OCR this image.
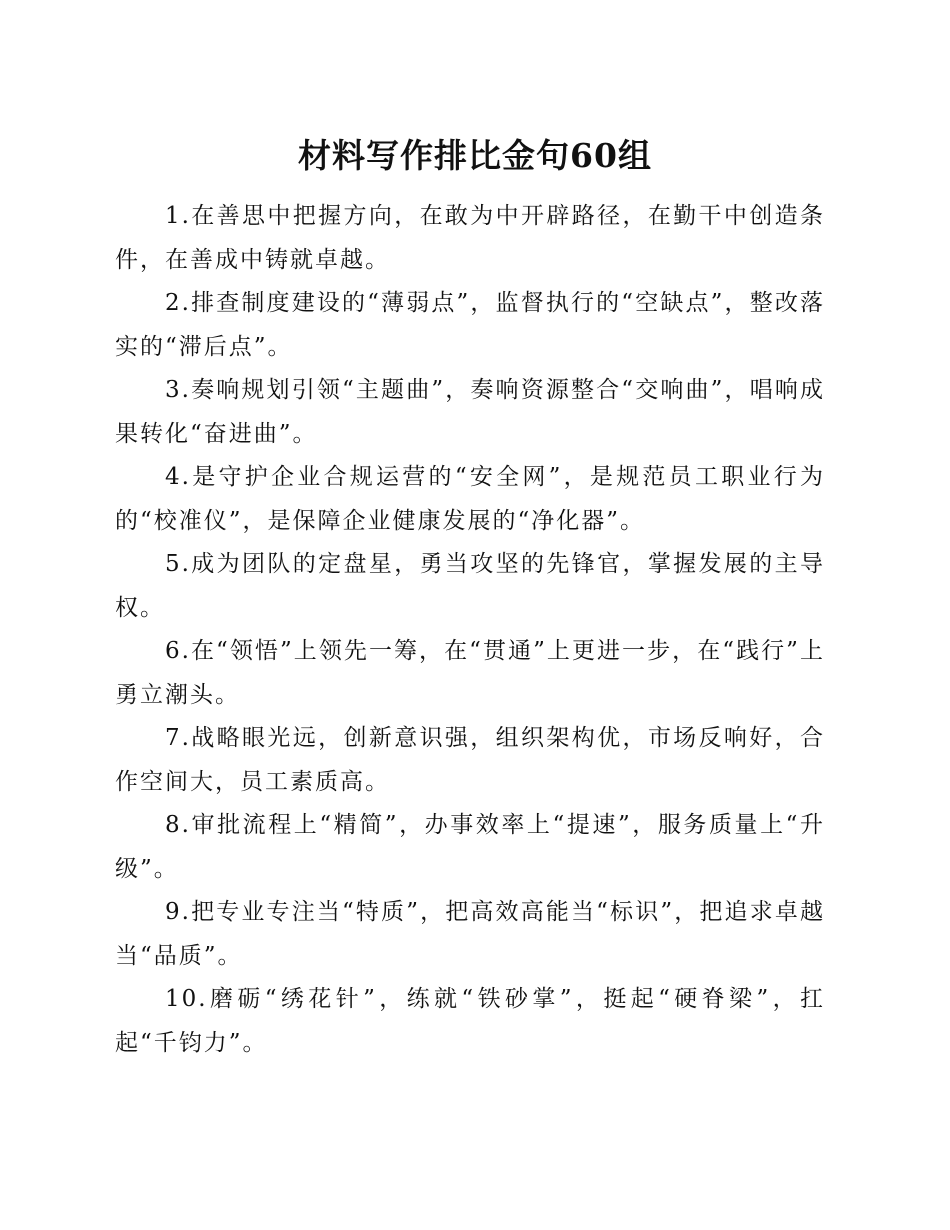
材料写作排比金句60组

1.在善思中把握方向，在敢为中开辟路径，在勤干中创造条件，在善成中铸就卓越。

2.排查制度建设的“薄弱点”，监督执行的“空缺点”，整改落实的“滞后点”。

3.奏响规划引领“主题曲”，奏响资源整合“交响曲”，唱响成果转化“奋进曲”。

4.是守护企业合规运营的“安全网”，是规范员工职业行为的“校准仪”，是保障企业健康发展的“净化器”。

5.成为团队的定盘星，勇当攻坚的先锋官，掌握发展的主导权。

6.在“领悟”上领先一筹，在“贯通”上更进一步，在“践行”上勇立潮头。

7.战略眼光远，创新意识强，组织架构优，市场反响好，合作空间大，员工素质高。

8.审批流程上“精简”，办事效率上“提速”，服务质量上“升级”。

9.把专业专注当“特质”，把高效高能当“标识”，把追求卓越当“品质”。

10.磨砺“绣花针”，练就“铁砂掌”，挺起“硬脊梁”，扛起“千钧力”。
